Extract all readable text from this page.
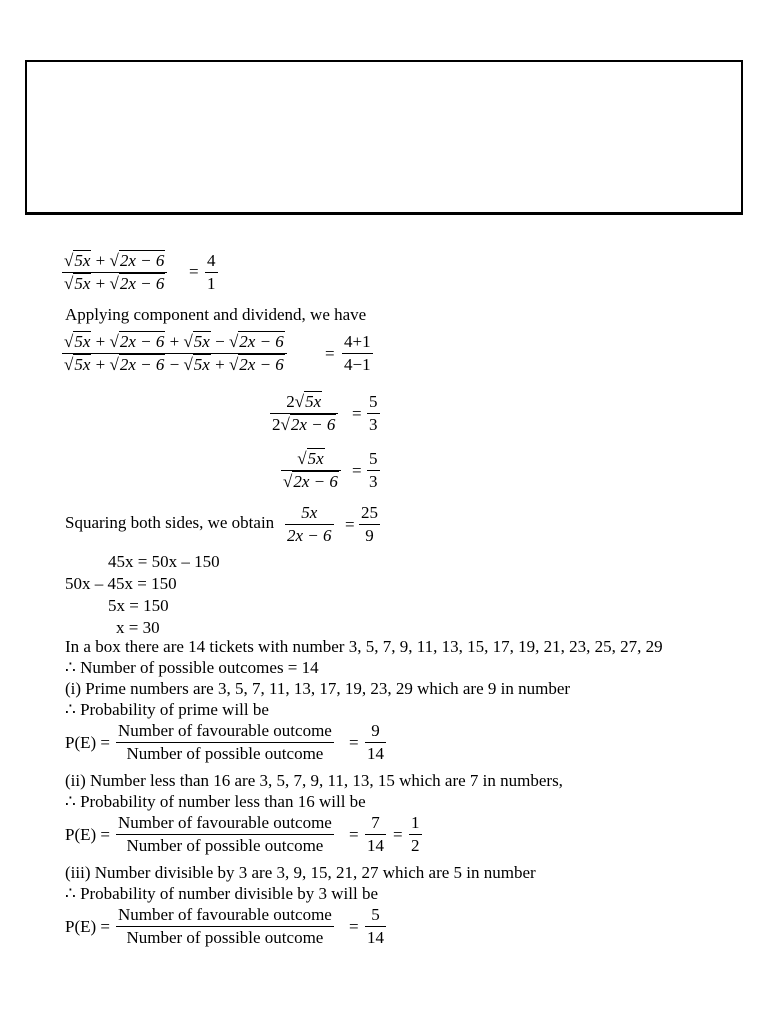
$\frac{√5x + √2x - 6}{√5x + √2x - 6} = \frac{4}{1}$
Applying component and dividend, we have
$\frac{√5x + √2x - 6 + √5x - √2x - 6}{√5x + √2x - 6 - √5x + √2x - 6} = \frac{4+1}{4-1}$
$\frac{2√5x}{2√2x - 6} = \frac{5}{3}$
$\frac{√5x}{√2x - 6} = \frac{5}{3}$
Squaring both sides, we obtain $\frac{5x}{2x - 6} = \frac{25}{9}$
45x = 50x – 150
50x – 45x = 150
5x = 150
x = 30
In a box there are 14 tickets with number 3, 5, 7, 9, 11, 13, 15, 17, 19, 21, 23, 25, 27, 29
∴ Number of possible outcomes = 14
(i) Prime numbers are 3, 5, 7, 11, 13, 17, 19, 23, 29 which are 9 in number
∴ Probability of prime will be
P(E) =
Number of favourable outcome
Number of possible outcome
= $\frac{9}{14}$
(ii) Number less than 16 are 3, 5, 7, 9, 11, 13, 15 which are 7 in numbers,
∴ Probability of number less than 16 will be
P(E) =
Number of favourable outcome
Number of possible outcome
= $\frac{7}{14} = \frac{1}{2}$
(iii) Number divisible by 3 are 3, 9, 15, 21, 27 which are 5 in number
∴ Probability of number divisible by 3 will be
P(E) =
Number of favourable outcome
Number of possible outcome
= $\frac{5}{14}$
